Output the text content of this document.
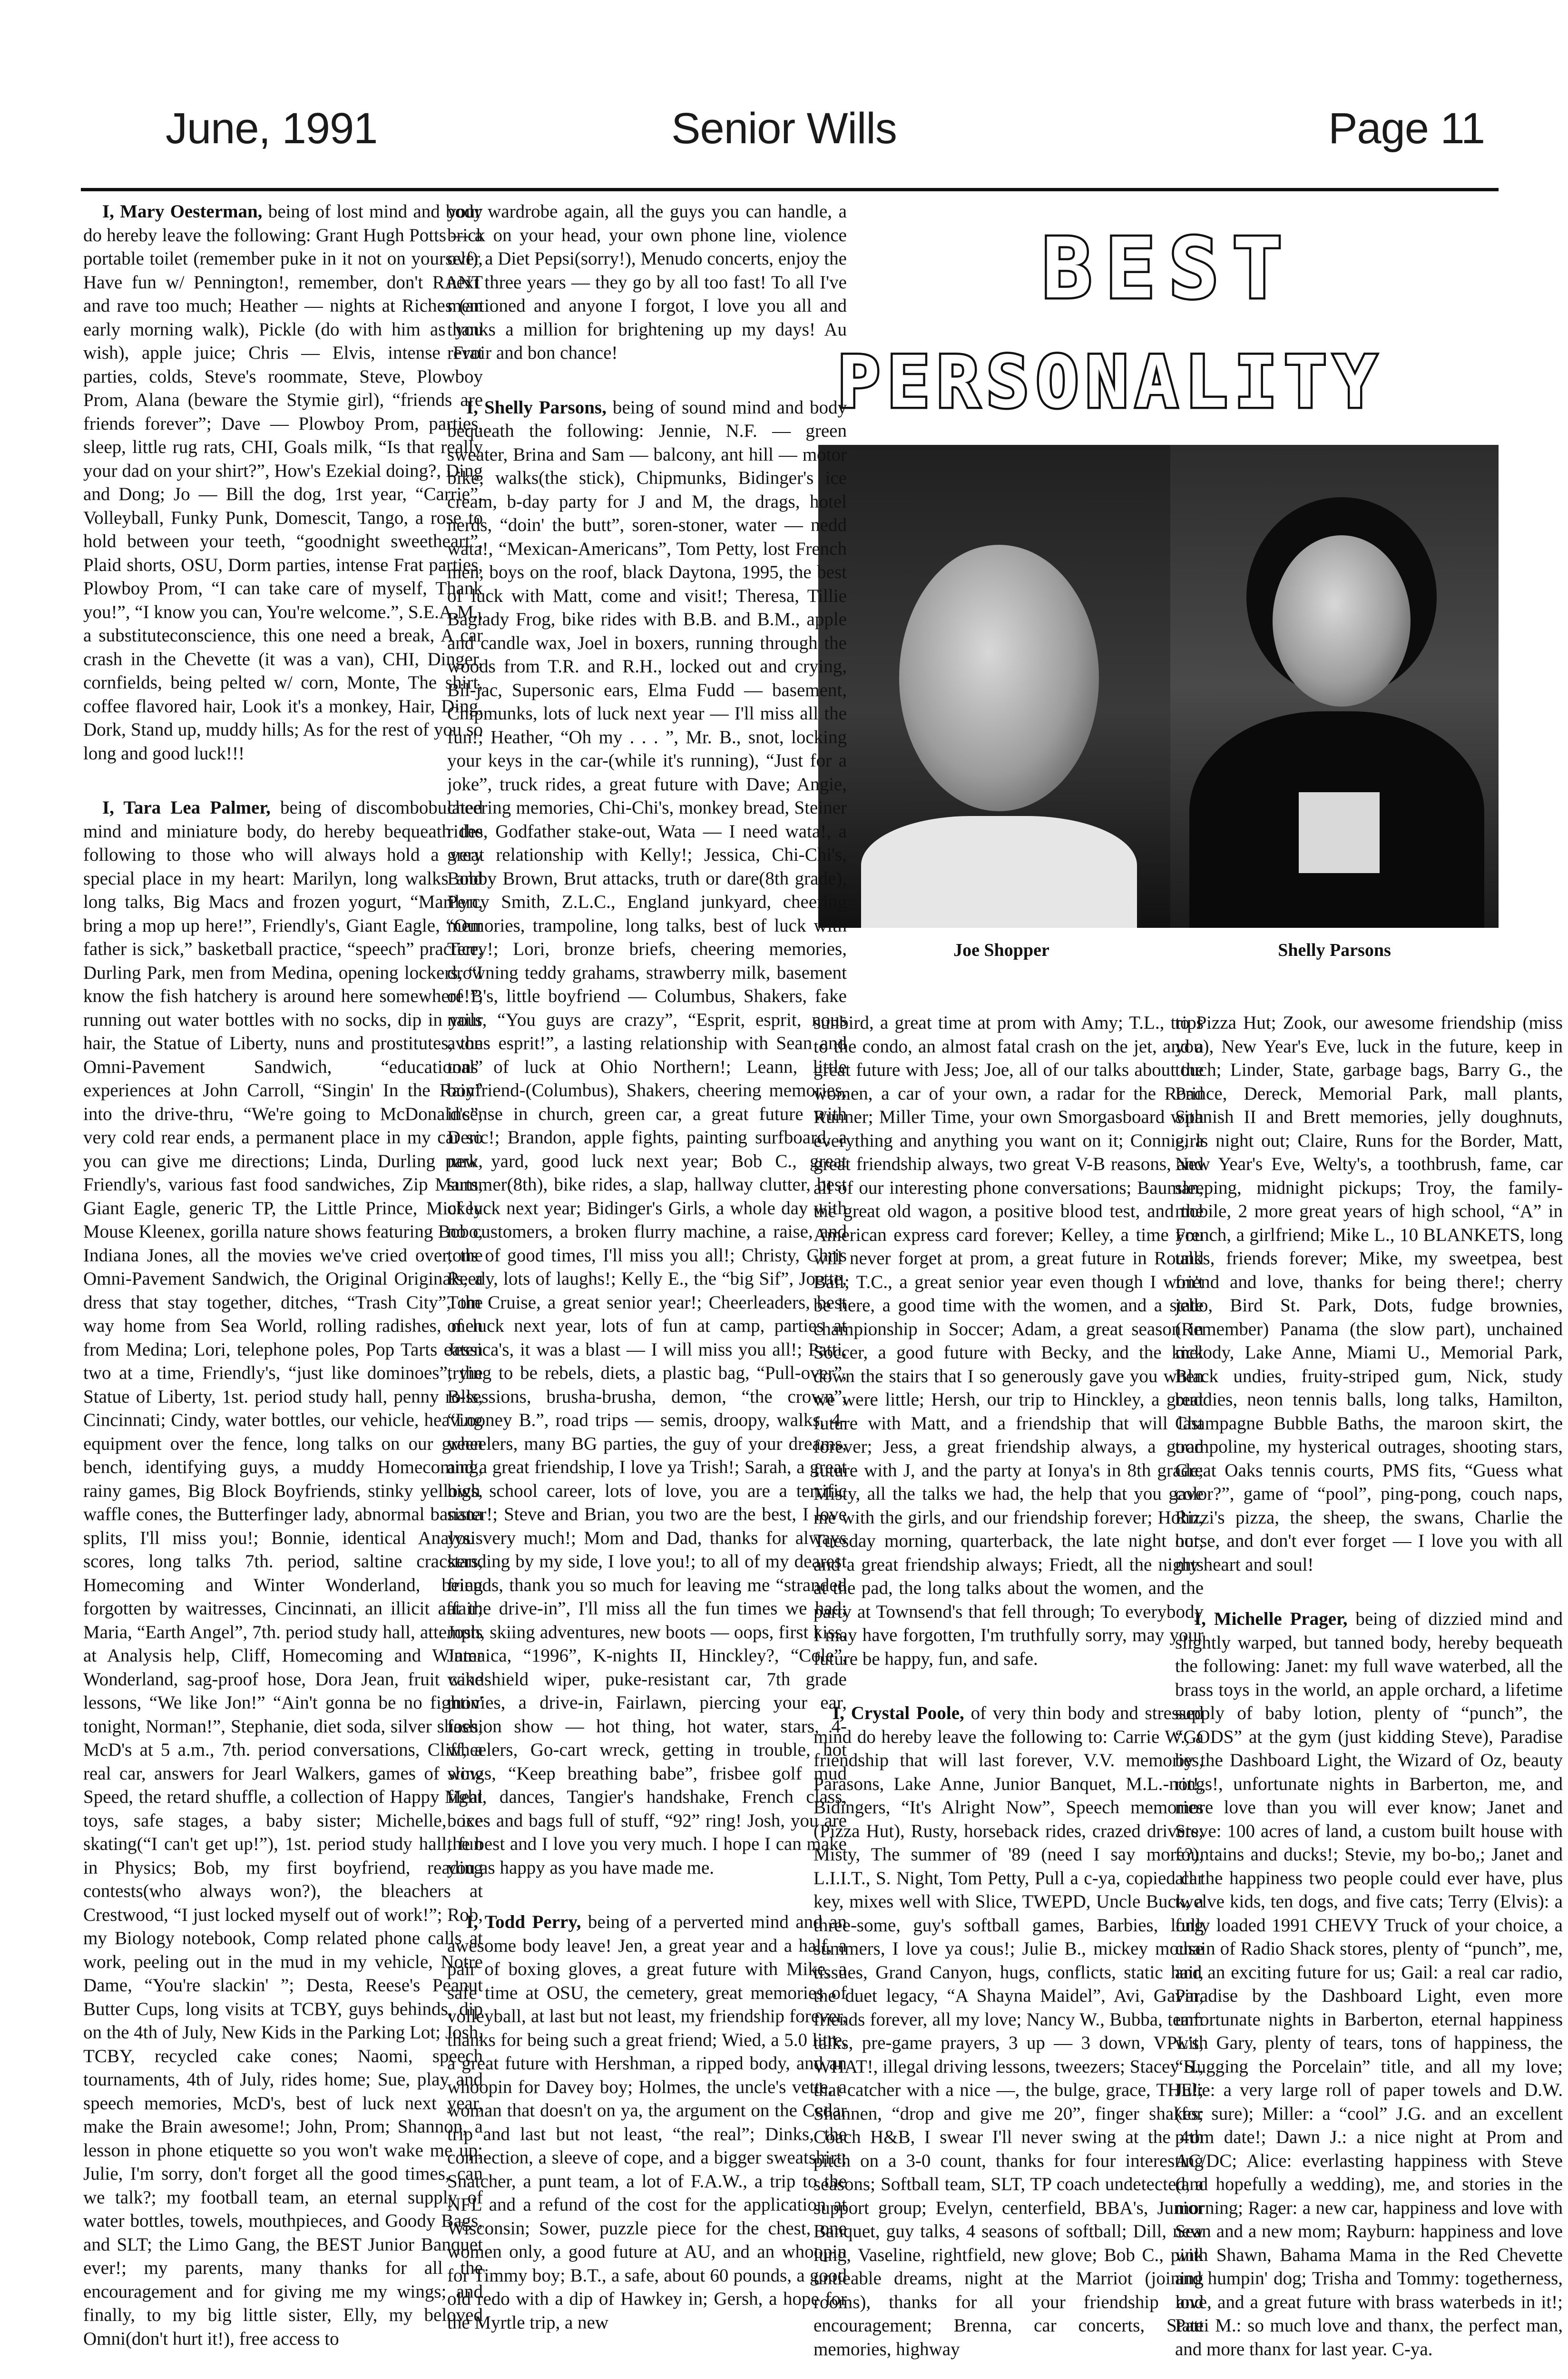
June, 1991	Senior Wills	Page 11
BEST
PERSONALITY
Joe Shopper	Shelly Parsons

I, Mary Oesterman, being of lost mind and body do hereby leave the following: Grant Hugh Potts — a portable toilet (remember puke in it not on yourself), Have fun w/ Pennington!, remember, don't RANT and rave too much; Heather — nights at Riches (an early morning walk), Pickle (do with him as you wish), apple juice; Chris — Elvis, intense Frat parties, colds, Steve's roommate, Steve, Plowboy Prom, Alana (beware the Stymie girl), “friends are friends forever”; Dave — Plowboy Prom, parties, sleep, little rug rats, CHI, Goals milk, “Is that really your dad on your shirt?”, How's Ezekial doing?, Ding and Dong; Jo — Bill the dog, 1rst year, “Carrie”, Volleyball, Funky Punk, Domescit, Tango, a rose to hold between your teeth, “goodnight sweetheart”, Plaid shorts, OSU, Dorm parties, intense Frat parties, Plowboy Prom, “I can take care of myself, Thank you!”, “I know you can, You're welcome.”, S.E.A.M., a substituteconscience, this one need a break, A car crash in the Chevette (it was a van), CHI, Dinger, cornfields, being pelted w/ corn, Monte, The shirt, coffee flavored hair, Look it's a monkey, Hair, Ding, Dork, Stand up, muddy hills; As for the rest of you so long and good luck!!!

I, Tara Lea Palmer, being of discombobulated mind and miniature body, do hereby bequeath the following to those who will always hold a very special place in my heart: Marilyn, long walks and long talks, Big Macs and frozen yogurt, “Marilyn, bring a mop up here!”, Friendly's, Giant Eagle, “Our father is sick,” basketball practice, “speech” practice, Durling Park, men from Medina, opening lockers, “I know the fish hatchery is around here somewhere!”, running out water bottles with no socks, dip in your hair, the Statue of Liberty, nuns and prostitutes, the Omni-Pavement Sandwich, “educational” experiences at John Carroll, “Singin' In the Rain” into the drive-thru, “We're going to McDonald's”, very cold rear ends, a permanent place in my car so you can give me directions; Linda, Durling park, Friendly's, various fast food sandwiches, Zip Marts, Giant Eagle, generic TP, the Little Prince, Mickey Mouse Kleenex, gorilla nature shows featuring Bobo, Indiana Jones, all the movies we've cried over, the Omni-Pavement Sandwich, the Original Originals, a dress that stay together, ditches, “Trash City”, the way home from Sea World, rolling radishes, men from Medina; Lori, telephone poles, Pop Tarts eaten two at a time, Friendly's, “just like dominoes”, the Statue of Liberty, 1st. period study hall, penny rolls, Cincinnati; Cindy, water bottles, our vehicle, heaving equipment over the fence, long talks on our green bench, identifying guys, a muddy Homecoming, rainy games, Big Block Boyfriends, stinky yellows, waffle cones, the Butterfinger lady, abnormal banana splits, I'll miss you!; Bonnie, identical Analysis scores, long talks 7th. period, saltine crackers, Homecoming and Winter Wonderland, being forgotten by waitresses, Cincinnati, an illicit affair; Maria, “Earth Angel”, 7th. period study hall, attempts at Analysis help, Cliff, Homecoming and Winter Wonderland, sag-proof hose, Dora Jean, fruit cake lessons, “We like Jon!” “Ain't gonna be no fightin' tonight, Norman!”, Stephanie, diet soda, silver shoes, McD's at 5 a.m., 7th. period conversations, Cliff, a real car, answers for Jearl Walkers, games of slow Speed, the retard shuffle, a collection of Happy Meal toys, safe stages, a baby sister; Michelle, ice skating(“I can't get up!”), 1st. period study hall, fun in Physics; Bob, my first boyfriend, reading contests(who always won?), the bleachers at Crestwood, “I just locked myself out of work!”; Rob, my Biology notebook, Comp related phone calls at work, peeling out in the mud in my vehicle, Notre Dame, “You're slackin' ”; Desta, Reese's Peanut Butter Cups, long visits at TCBY, guys behinds, dip on the 4th of July, New Kids in the Parking Lot; Josh, TCBY, recycled cake cones; Naomi, speech tournaments, 4th of July, rides home; Sue, play and speech memories, McD's, best of luck next year, make the Brain awesome!; John, Prom; Shannon, a lesson in phone etiquette so you won't wake me up; Julie, I'm sorry, don't forget all the good times, can we talk?; my football team, an eternal supply of water bottles, towels, mouthpieces, and Goody Bags, and SLT; the Limo Gang, the BEST Junior Banquet ever!; my parents, many thanks for all the encouragement and for giving me my wings; and finally, to my big little sister, Elly, my beloved Omni(don't hurt it!), free access to

your wardrobe again, all the guys you can handle, a brick on your head, your own phone line, violence over a Diet Pepsi(sorry!), Menudo concerts, enjoy the next three years — they go by all too fast! To all I've mentioned and anyone I forgot, I love you all and thanks a million for brightening up my days! Au revoir and bon chance!

I, Shelly Parsons, being of sound mind and body bequeath the following: Jennie, N.F. — green sweater, Brina and Sam — balcony, ant hill — motor bike, walks(the stick), Chipmunks, Bidinger's ice cream, b-day party for J and M, the drags, hotel nerds, “doin' the butt”, soren-stoner, water — nedd wata!, “Mexican-Americans”, Tom Petty, lost French men, boys on the roof, black Daytona, 1995, the best of luck with Matt, come and visit!; Theresa, Tillie Baglady Frog, bike rides with B.B. and B.M., apple and candle wax, Joel in boxers, running through the woods from T.R. and R.H., locked out and crying, Bil-jac, Supersonic ears, Elma Fudd — basement, Chipmunks, lots of luck next year — I'll miss all the fun!; Heather, “Oh my . . . ”, Mr. B., snot, locking your keys in the car-(while it's running), “Just for a joke”, truck rides, a great future with Dave; Angie, cheering memories, Chi-Chi's, monkey bread, Steiner rides, Godfather stake-out, Wata — I need wata!, a great relationship with Kelly!; Jessica, Chi-Chi's, Bobby Brown, Brut attacks, truth or dare(8th grade), Percy Smith, Z.L.C., England junkyard, cheering memories, trampoline, long talks, best of luck with Terry!; Lori, bronze briefs, cheering memories, drowning teddy grahams, strawberry milk, basement of B's, little boyfriend — Columbus, Shakers, fake nails, “You guys are crazy”, “Esprit, esprit, nous avons esprit!”, a lasting relationship with Sean and tons of luck at Ohio Northern!; Leann, little boyfriend-(Columbus), Shakers, cheering memories, incense in church, green car, a great future with Deric!; Brandon, apple fights, painting surfboard, a new yard, good luck next year; Bob C., great summer(8th), bike rides, a slap, hallway clutter, best of luck next year; Bidinger's Girls, a whole day with no customers, a broken flurry machine, a raise, and tons of good times, I'll miss you all!; Christy, Chris Reedy, lots of laughs!; Kelly E., the “big Sif”, Joette, Tom Cruise, a great senior year!; Cheerleaders, best of luck next year, lots of fun at camp, parties at Jessica's, it was a blast — I will miss you all!; Patti, trying to be rebels, diets, a plastic bag, “Pull-over”, B-sessions, brusha-brusha, demon, “the crown”, “Looney B.”, road trips — semis, droopy, walks, 4-wheelers, many BG parties, the guy of your dreams, and a great friendship, I love ya Trish!; Sarah, a great high school career, lots of love, you are a terrific sister!; Steve and Brian, you two are the best, I love you very much!; Mom and Dad, thanks for always standing by my side, I love you!; to all of my dearest friends, thank you so much for leaving me “stranded at the drive-in”, I'll miss all the fun times we had; Josh, skiing adventures, new boots — oops, first kiss, Jamaica, “1996”, K-nights II, Hinckley?, “Cole”, windshield wiper, puke-resistant car, 7th grade movies, a drive-in, Fairlawn, piercing your ear, fashion show — hot thing, hot water, stars, 4-wheelers, Go-cart wreck, getting in trouble, hot wings, “Keep breathing babe”, frisbee golf mud fight, dances, Tangier's handshake, French class, boxes and bags full of stuff, “92” ring! Josh, you are the best and I love you very much. I hope I can make you as happy as you have made me.

I, Todd Perry, being of a perverted mind and an awesome body leave! Jen, a great year and a half, a pair of boxing gloves, a great future with Mike, a safe time at OSU, the cemetery, great memories of volleyball, at last but not least, my friendship forever, thanks for being such a great friend; Wied, a 5.0 litre, a great future with Hershman, a ripped body, and an whoopin for Davey boy; Holmes, the uncle's vette, a woman that doesn't on ya, the argument on the Cedar trip and last but not least, “the real”; Dinks, the connection, a sleeve of cope, and a bigger sweatshirt; Snatcher, a punt team, a lot of F.A.W., a trip to the NFL and a refund of the cost for the application at Wisconsin; Sower, puzzle piece for the chest, one women only, a good future at AU, and an whoopin for Timmy boy; B.T., a safe, about 60 pounds, a good old redo with a dip of Hawkey in; Gersh, a hope for the Myrtle trip, a new

sunbird, a great time at prom with Amy; T.L., trips to the condo, an almost fatal crash on the jet, and a great future with Jess; Joe, all of our talks about the women, a car of your own, a radar for the Road Runner; Miller Time, your own Smorgasboard with everything and anything you want on it; Connie, a great friendship always, two great V-B reasons, and all of our interesting phone conversations; Bauman, the great old wagon, a positive blood test, and the American express card forever; Kelley, a time you will never forget at prom, a great future in Round Ball; T.C., a great senior year even though I won't be here, a good time with the women, and a state championship in Soccer; Adam, a great season in Soccer, a good future with Becky, and the kick down the stairs that I so generously gave you when we were little; Hersh, our trip to Hinckley, a great future with Matt, and a friendship that will last forever; Jess, a great friendship always, a good future with J, and the party at Ionya's in 8th grade; Misty, all the talks we had, the help that you gave me with the girls, and our friendship forever; Hohn, Tuesday morning, quarterback, the late night out, and a great friendship always; Friedt, all the nights at the pad, the long talks about the women, and the party at Townsend's that fell through; To everybody I may have forgotten, I'm truthfully sorry, may your future be happy, fun, and safe.

I, Crystal Poole, of very thin body and stressed mind do hereby leave the following to: Carrie W., a friendship that will last forever, V.V. memories, Parasons, Lake Anne, Junior Banquet, M.L.-not!, Bidingers, “It's Alright Now”, Speech memories (Pizza Hut), Rusty, horseback rides, crazed drivers; Misty, The summer of '89 (need I say more?), L.I.I.T., S. Night, Tom Petty, Pull a c-ya, copied car key, mixes well with Slice, TWEPD, Uncle Buck, a three-some, guy's softball games, Barbies, long summers, I love ya cous!; Julie B., mickey mouse tissues, Grand Canyon, hugs, conflicts, static hair, the duet legacy, “A Shayna Maidel”, Avi, Gavin, friends forever, all my love; Nancy W., Bubba, team talks, pre-game prayers, 3 up — 3 down, VPL's, WHAT!, illegal driving lessons, tweezers; Stacey S., that catcher with a nice —, the bulge, grace, THE!; Shannen, “drop and give me 20”, finger shakes; Coach H&B, I swear I'll never swing at the 4th pitch on a 3-0 count, thanks for four interesting seasons; Softball team, SLT, TP coach undetected, a support group; Evelyn, centerfield, BBA's, Junior Banquet, guy talks, 4 seasons of softball; Dill, new lung, Vaseline, rightfield, new glove; Bob C., pink untieable dreams, night at the Marriot (joining rooms), thanks for all your friendship and encouragement; Brenna, car concerts, State memories, highway

to Pizza Hut; Zook, our awesome friendship (miss you), New Year's Eve, luck in the future, keep in touch; Linder, State, garbage bags, Barry G., the Prince, Dereck, Memorial Park, mall plants, Spanish II and Brett memories, jelly doughnuts, girls night out; Claire, Runs for the Border, Matt, New Year's Eve, Welty's, a toothbrush, fame, car sleeping, midnight pickups; Troy, the family-mobile, 2 more great years of high school, “A” in French, a girlfriend; Mike L., 10 BLANKETS, long talks, friends forever; Mike, my sweetpea, best friend and love, thanks for being there!; cherry jello, Bird St. Park, Dots, fudge brownies, (Remember) Panama (the slow part), unchained melody, Lake Anne, Miami U., Memorial Park, Black undies, fruity-striped gum, Nick, study buddies, neon tennis balls, long talks, Hamilton, Champagne Bubble Baths, the maroon skirt, the trampoline, my hysterical outrages, shooting stars, Great Oaks tennis courts, PMS fits, “Guess what color?”, game of “pool”, ping-pong, couch naps, Rizzi's pizza, the sheep, the swans, Charlie the horse, and don't ever forget — I love you with all my heart and soul!

I, Michelle Prager, being of dizzied mind and slightly warped, but tanned body, hereby bequeath the following: Janet: my full wave waterbed, all the brass toys in the world, an apple orchard, a lifetime supply of baby lotion, plenty of “punch”, the “GODS” at the gym (just kidding Steve), Paradise by the Dashboard Light, the Wizard of Oz, beauty rings!, unfortunate nights in Barberton, me, and more love than you will ever know; Janet and Steve: 100 acres of land, a custom built house with fountains and ducks!; Stevie, my bo-bo,; Janet and all the happiness two people could ever have, plus twelve kids, ten dogs, and five cats; Terry (Elvis): a fully loaded 1991 CHEVY Truck of your choice, a chain of Radio Shack stores, plenty of “punch”, me, and an exciting future for us; Gail: a real car radio, Paradise by the Dashboard Light, even more unfortunate nights in Barberton, eternal happiness with Gary, plenty of tears, tons of happiness, the “Hugging the Porcelain” title, and all my love; Julie: a very large roll of paper towels and D.W. (for sure); Miller: a “cool” J.G. and an excellent prom date!; Dawn J.: a nice night at Prom and AC/DC; Alice: everlasting happiness with Steve (and hopefully a wedding), me, and stories in the morning; Rager: a new car, happiness and love with Sean and a new mom; Rayburn: happiness and love with Shawn, Bahama Mama in the Red Chevette and humpin' dog; Trisha and Tommy: togetherness, love, and a great future with brass waterbeds in it!; Patti M.: so much love and thanx, the perfect man, and more thanx for last year. C-ya.
